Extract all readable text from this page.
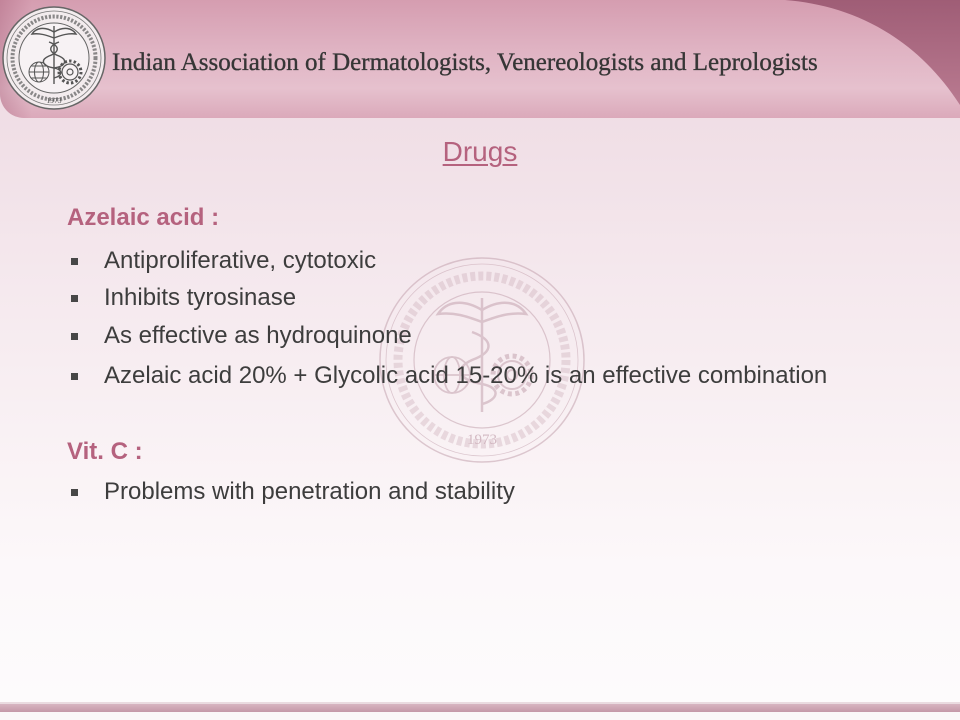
1973
Indian Association of Dermatologists, Venereologists and Leprologists
1973
Drugs
Azelaic acid :
Antiproliferative, cytotoxic
Inhibits tyrosinase
As effective as hydroquinone
Azelaic acid 20% + Glycolic acid 15-20% is an effective combination
Vit. C :
Problems with penetration and stability
